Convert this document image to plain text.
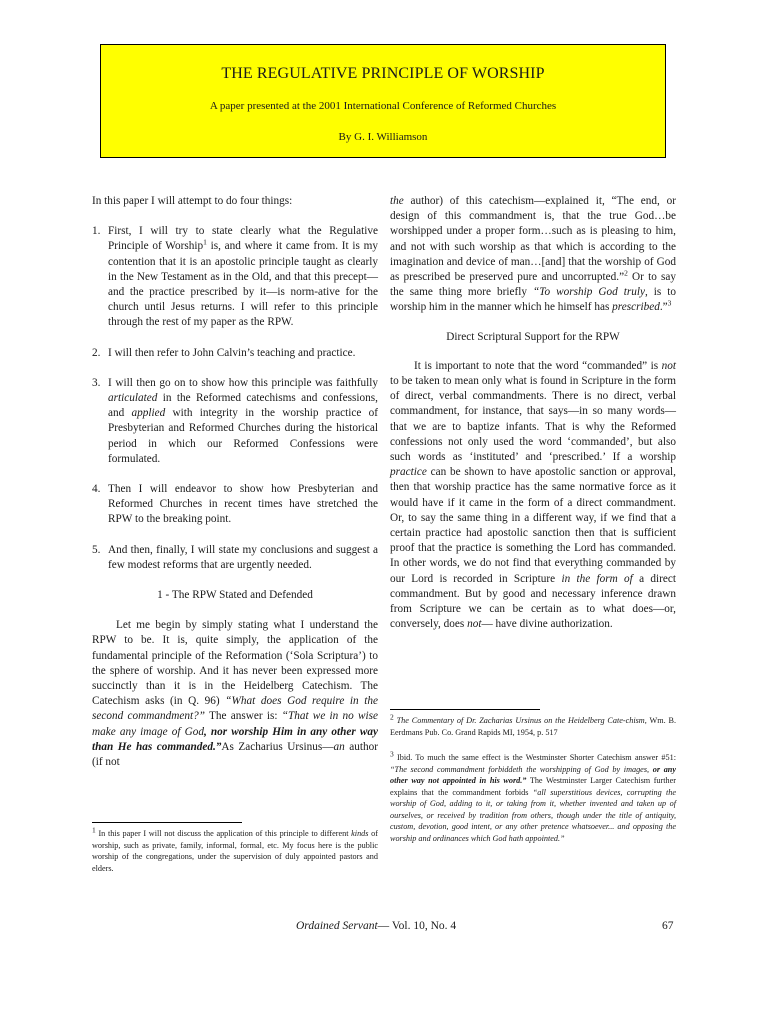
THE REGULATIVE PRINCIPLE OF WORSHIP
A paper presented at the 2001 International Conference of Reformed Churches
By G. I. Williamson

In this paper I will attempt to do four things:

1. First, I will try to state clearly what the Regulative Principle of Worship$^1$ is, and where it came from. It is my contention that it is an apostolic principle taught as clearly in the New Testament as in the Old, and that this precept—and the practice prescribed by it—is norm-ative for the church until Jesus returns. I will refer to this principle through the rest of my paper as the RPW.
2. I will then refer to John Calvin’s teaching and practice.
3. I will then go on to show how this principle was faithfully articulated in the Reformed catechisms and confessions, and applied with integrity in the worship practice of Presbyterian and Reformed Churches during the historical period in which our Reformed Confessions were formulated.
4. Then I will endeavor to show how Presbyterian and Reformed Churches in recent times have stretched the RPW to the breaking point.
5. And then, finally, I will state my conclusions and suggest a few modest reforms that are urgently needed.

1 - The RPW Stated and Defended

Let me begin by simply stating what I understand the RPW to be. It is, quite simply, the application of the fundamental principle of the Reformation (‘Sola Scriptura’) to the sphere of worship. And it has never been expressed more succinctly than it is in the Heidelberg Catechism. The Catechism asks (in Q. 96) “What does God require in the second commandment?” The answer is: “That we in no wise make any image of God, nor worship Him in any other way than He has commanded.”As Zacharius Ursinus—an author (if not

the author) of this catechism—explained it, “The end, or design of this commandment is, that the true God…be worshipped under a proper form…such as is pleasing to him, and not with such worship as that which is according to the imagination and device of man…[and] that the worship of God as prescribed be preserved pure and uncorrupted.”$^2$ Or to say the same thing more briefly “To worship God truly, is to worship him in the manner which he himself has prescribed.”$^3$

Direct Scriptural Support for the RPW

It is important to note that the word “commanded” is not to be taken to mean only what is found in Scripture in the form of direct, verbal commandments. There is no direct, verbal commandment, for instance, that says—in so many words—that we are to baptize infants. That is why the Reformed confessions not only used the word ‘commanded’, but also such words as ‘instituted’ and ‘prescribed.’ If a worship practice can be shown to have apostolic sanction or approval, then that worship practice has the same normative force as it would have if it came in the form of a direct commandment. Or, to say the same thing in a different way, if we find that a certain practice had apostolic sanction then that is sufficient proof that the practice is something the Lord has commanded. In other words, we do not find that everything commanded by our Lord is recorded in Scripture in the form of a direct commandment. But by good and necessary inference drawn from Scripture we can be certain as to what does—or, conversely, does not— have divine authorization.

$^1$ In this paper I will not discuss the application of this principle to different kinds of worship, such as private, family, informal, formal, etc. My focus here is the public worship of the congregations, under the supervision of duly appointed pastors and elders.
$^2$ The Commentary of Dr. Zacharias Ursinus on the Heidelberg Cate-chism, Wm. B. Eerdmans Pub. Co. Grand Rapids MI, 1954, p. 517
$^3$ Ibid. To much the same effect is the Westminster Shorter Catechism answer #51: “The second commandment forbiddeth the worshipping of God by images, or any other way not appointed in his word.” The Westminster Larger Catechism further explains that the commandment forbids “all superstitious devices, corrupting the worship of God, adding to it, or taking from it, whether invented and taken up of ourselves, or received by tradition from others, though under the title of antiquity, custom, devotion, good intent, or any other pretence whatsoever... and opposing the worship and ordinances which God hath appointed.”
Ordained Servant— Vol. 10, No. 4	67
